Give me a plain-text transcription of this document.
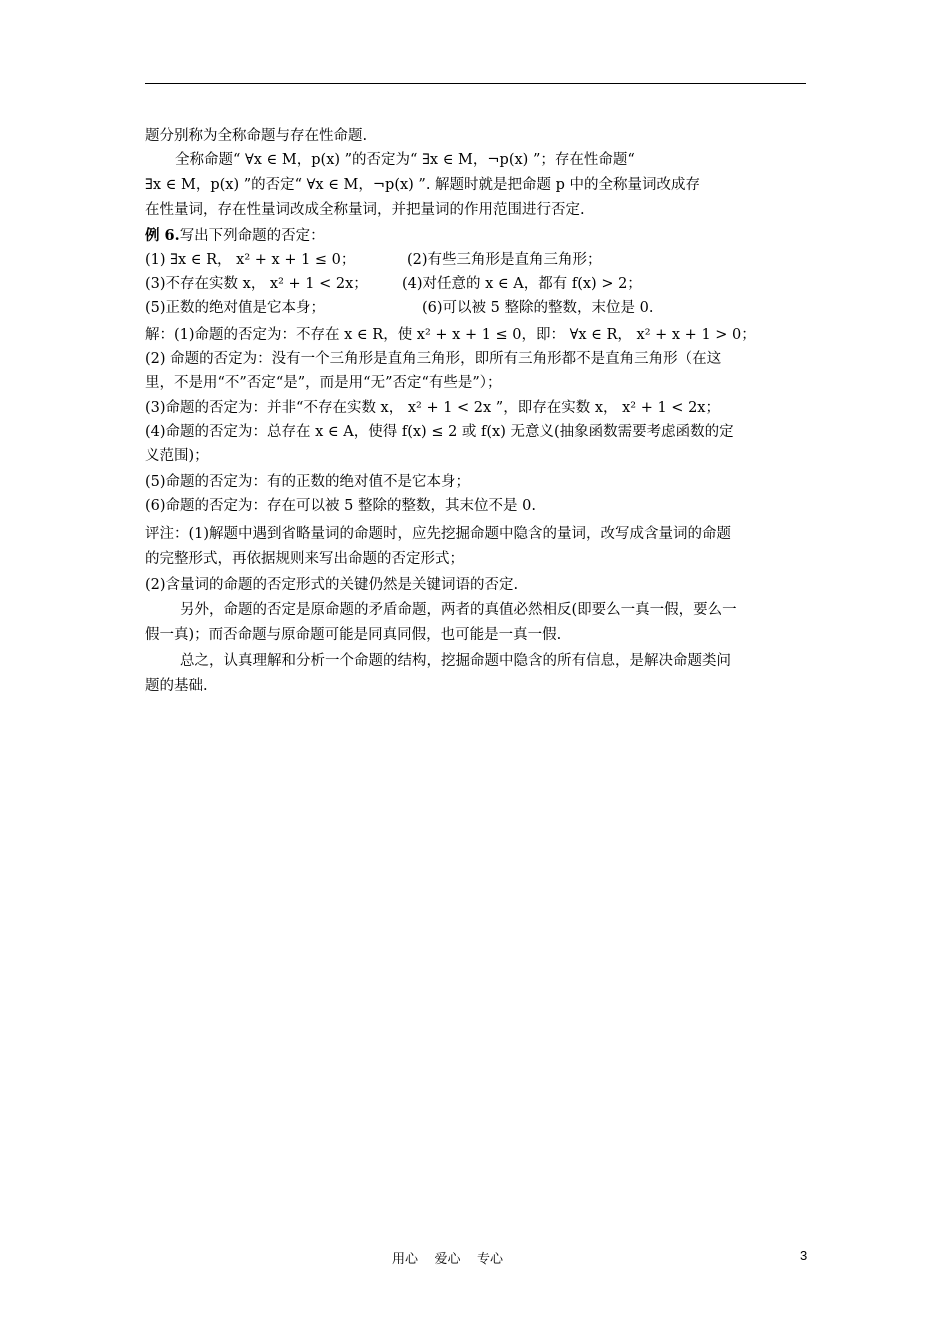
题分别称为全称命题与存在性命题.
全称命题“ ∀x ∈ M，p(x) ”的否定为“ ∃x ∈ M，¬p(x) ”；存在性命题“
∃x ∈ M，p(x) ”的否定“ ∀x ∈ M，¬p(x) ”. 解题时就是把命题 p 中的全称量词改成存
在性量词，存在性量词改成全称量词，并把量词的作用范围进行否定.
例 6.写出下列命题的否定：
(1) ∃x ∈ R， x² + x + 1 ≤ 0；	(2)有些三角形是直角三角形；
(3)不存在实数 x， x² + 1 < 2x； (4)对任意的 x ∈ A，都有 f(x) > 2；
(5)正数的绝对值是它本身；	(6)可以被 5 整除的整数，末位是 0.
解：(1)命题的否定为：不存在 x ∈ R，使 x² + x + 1 ≤ 0，即： ∀x ∈ R， x² + x + 1 > 0；
(2) 命题的否定为：没有一个三角形是直角三角形，即所有三角形都不是直角三角形（在这
里，不是用“不”否定“是”，而是用“无”否定“有些是”）；
(3)命题的否定为：并非“不存在实数 x， x² + 1 < 2x ”，即存在实数 x， x² + 1 < 2x；
(4)命题的否定为：总存在 x ∈ A，使得 f(x) ≤ 2 或 f(x) 无意义(抽象函数需要考虑函数的定
义范围)；
(5)命题的否定为：有的正数的绝对值不是它本身；
(6)命题的否定为：存在可以被 5 整除的整数，其末位不是 0.
评注：(1)解题中遇到省略量词的命题时，应先挖掘命题中隐含的量词，改写成含量词的命题
的完整形式，再依据规则来写出命题的否定形式；
(2)含量词的命题的否定形式的关键仍然是关键词语的否定.
另外，命题的否定是原命题的矛盾命题，两者的真值必然相反(即要么一真一假，要么一
假一真)；而否命题与原命题可能是同真同假，也可能是一真一假.
总之，认真理解和分析一个命题的结构，挖掘命题中隐含的所有信息，是解决命题类问
题的基础.
用心    爱心    专心	3
